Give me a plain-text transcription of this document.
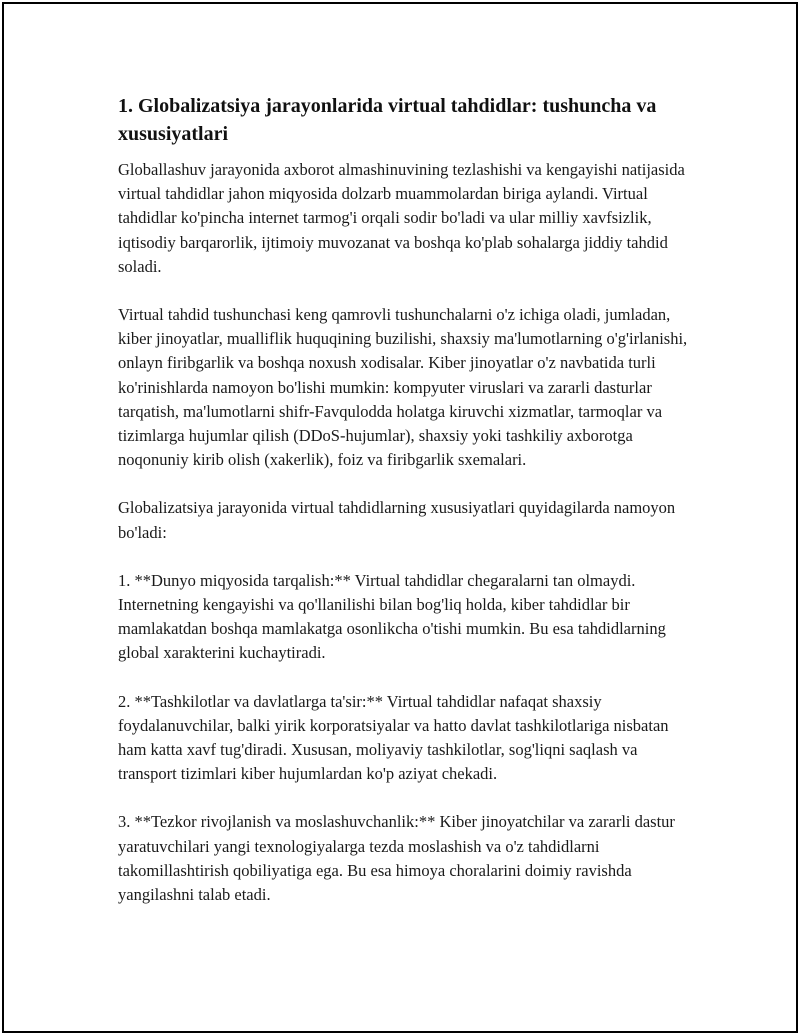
1. Globalizatsiya jarayonlarida virtual tahdidlar: tushuncha va xususiyatlari

Globallashuv jarayonida axborot almashinuvining tezlashishi va kengayishi natijasida virtual tahdidlar jahon miqyosida dolzarb muammolardan biriga aylandi. Virtual tahdidlar ko'pincha internet tarmog'i orqali sodir bo'ladi va ular milliy xavfsizlik, iqtisodiy barqarorlik, ijtimoiy muvozanat va boshqa ko'plab sohalarga jiddiy tahdid soladi.

Virtual tahdid tushunchasi keng qamrovli tushunchalarni o'z ichiga oladi, jumladan, kiber jinoyatlar, mualliflik huquqining buzilishi, shaxsiy ma'lumotlarning o'g'irlanishi, onlayn firibgarlik va boshqa noxush xodisalar. Kiber jinoyatlar o'z navbatida turli ko'rinishlarda namoyon bo'lishi mumkin: kompyuter viruslari va zararli dasturlar tarqatish, ma'lumotlarni shifr-Favqulodda holatga kiruvchi xizmatlar, tarmoqlar va tizimlarga hujumlar qilish (DDoS-hujumlar), shaxsiy yoki tashkiliy axborotga noqonuniy kirib olish (xakerlik), foiz va firibgarlik sxemalari.

Globalizatsiya jarayonida virtual tahdidlarning xususiyatlari quyidagilarda namoyon bo'ladi:

1. **Dunyo miqyosida tarqalish:** Virtual tahdidlar chegaralarni tan olmaydi. Internetning kengayishi va qo'llanilishi bilan bog'liq holda, kiber tahdidlar bir mamlakatdan boshqa mamlakatga osonlikcha o'tishi mumkin. Bu esa tahdidlarning global xarakterini kuchaytiradi.

2. **Tashkilotlar va davlatlarga ta'sir:** Virtual tahdidlar nafaqat shaxsiy foydalanuvchilar, balki yirik korporatsiyalar va hatto davlat tashkilotlariga nisbatan ham katta xavf tug'diradi. Xususan, moliyaviy tashkilotlar, sog'liqni saqlash va transport tizimlari kiber hujumlardan ko'p aziyat chekadi.

3. **Tezkor rivojlanish va moslashuvchanlik:** Kiber jinoyatchilar va zararli dastur yaratuvchilari yangi texnologiyalarga tezda moslashish va o'z tahdidlarni takomillashtirish qobiliyatiga ega. Bu esa himoya choralarini doimiy ravishda yangilashni talab etadi.
